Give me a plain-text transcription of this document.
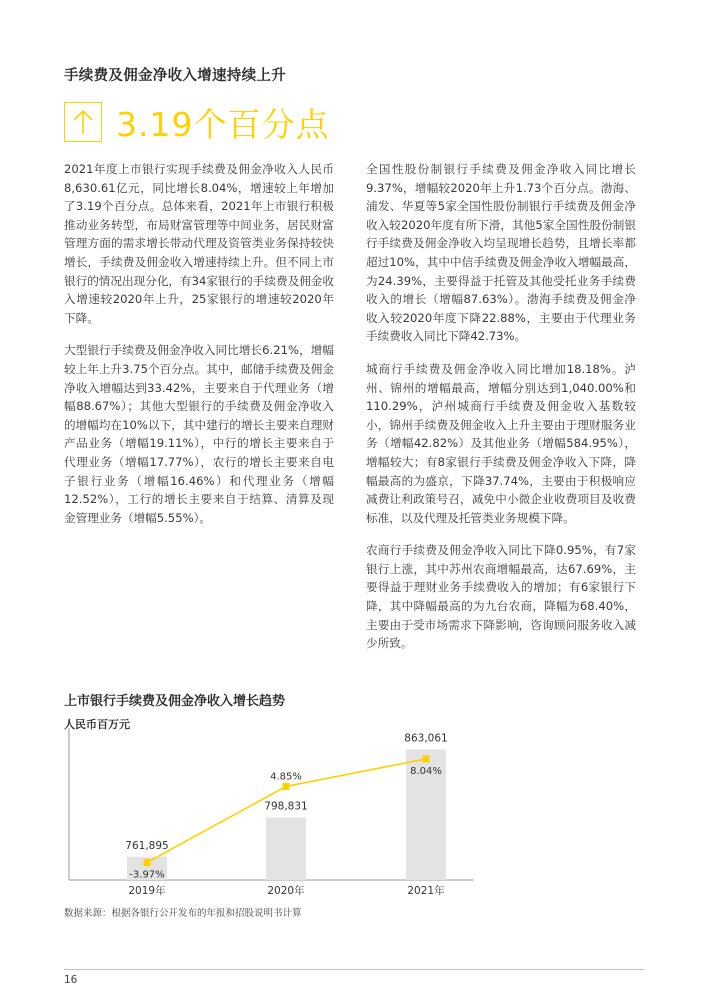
手续费及佣金净收入增速持续上升
3.19个百分点

2021年度上市银行实现手续费及佣金净收入人民币8,630.61亿元，同比增长8.04%，增速较上年增加了3.19个百分点。总体来看，2021年上市银行积极推动业务转型，布局财富管理等中间业务，居民财富管理方面的需求增长带动代理及资管类业务保持较快增长，手续费及佣金收入增速持续上升。但不同上市银行的情况出现分化，有34家银行的手续费及佣金收入增速较2020年上升，25家银行的增速较2020年下降。

大型银行手续费及佣金净收入同比增长6.21%，增幅较上年上升3.75个百分点。其中，邮储手续费及佣金净收入增幅达到33.42%，主要来自于代理业务（增幅88.67%）；其他大型银行的手续费及佣金净收入的增幅均在10%以下，其中建行的增长主要来自理财产品业务（增幅19.11%），中行的增长主要来自于代理业务（增幅17.77%），农行的增长主要来自电子银行业务（增幅16.46%）和代理业务（增幅12.52%），工行的增长主要来自于结算、清算及现金管理业务（增幅5.55%）。

全国性股份制银行手续费及佣金净收入同比增长9.37%，增幅较2020年上升1.73个百分点。渤海、浦发、华夏等5家全国性股份制银行手续费及佣金净收入较2020年度有所下滑，其他5家全国性股份制银行手续费及佣金净收入均呈现增长趋势，且增长率都超过10%，其中中信手续费及佣金净收入增幅最高，为24.39%，主要得益于托管及其他受托业务手续费收入的增长（增幅87.63%）。渤海手续费及佣金净收入较2020年度下降22.88%，主要由于代理业务手续费收入同比下降42.73%。

城商行手续费及佣金净收入同比增加18.18%。泸州、锦州的增幅最高，增幅分别达到1,040.00%和110.29%，泸州城商行手续费及佣金收入基数较小，锦州手续费及佣金收入上升主要由于理财服务业务（增幅42.82%）及其他业务（增幅584.95%），增幅较大；有8家银行手续费及佣金净收入下降，降幅最高的为盛京，下降37.74%，主要由于积极响应减费让利政策号召，减免中小微企业收费项目及收费标准，以及代理及托管类业务规模下降。

农商行手续费及佣金净收入同比下降0.95%，有7家银行上涨，其中苏州农商增幅最高，达67.69%，主要得益于理财业务手续费收入的增加；有6家银行下降，其中降幅最高的为九台农商，降幅为68.40%，主要由于受市场需求下降影响，咨询顾问服务收入减少所致。

上市银行手续费及佣金净收入增长趋势
人民币百万元
761,895
2019年
798,831
2020年
863,061
2021年
-3.97%
4.85%
8.04%
数据来源：根据各银行公开发布的年报和招股说明书计算
16
